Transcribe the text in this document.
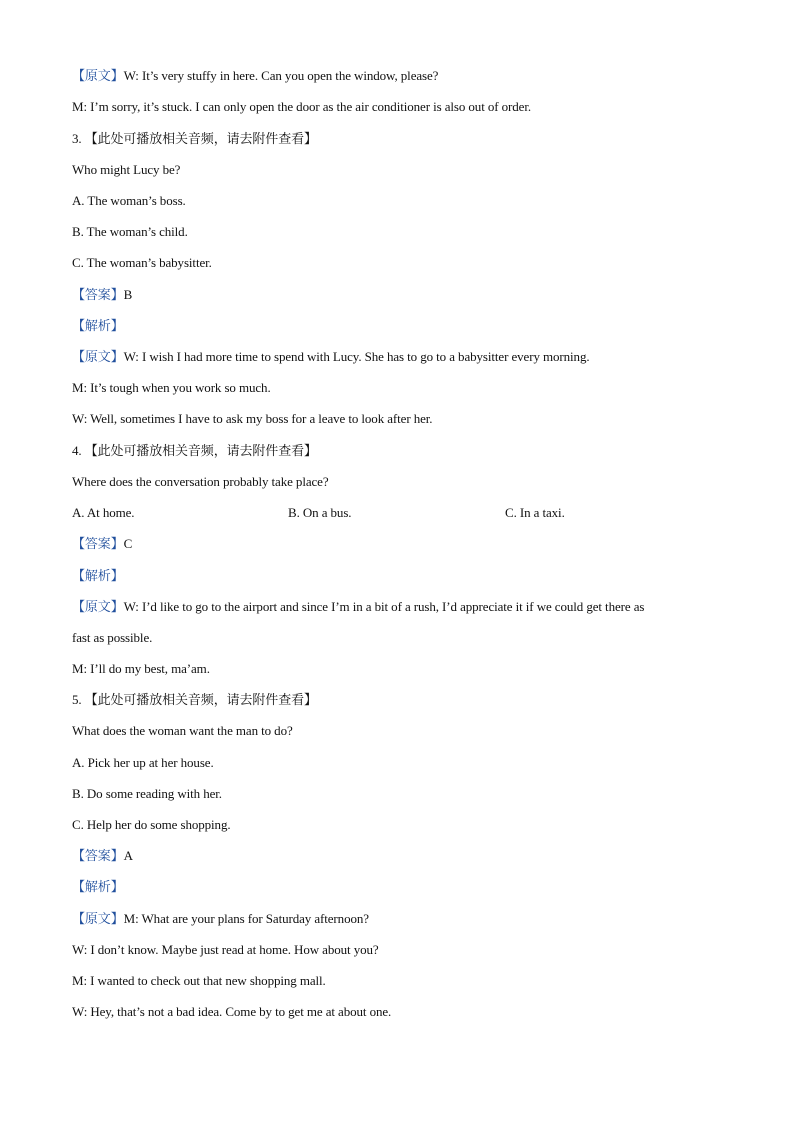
【原文】W: It’s very stuffy in here. Can you open the window, please?
M: I’m sorry, it’s stuck. I can only open the door as the air conditioner is also out of order.
3. 【此处可播放相关音频，请去附件查看】
Who might Lucy be?
A. The woman’s boss.
B. The woman’s child.
C. The woman’s babysitter.
【答案】B
【解析】
【原文】W: I wish I had more time to spend with Lucy. She has to go to a babysitter every morning.
M: It’s tough when you work so much.
W: Well, sometimes I have to ask my boss for a leave to look after her.
4. 【此处可播放相关音频，请去附件查看】
Where does the conversation probably take place?
A. At home.	B. On a bus.	C. In a taxi.
【答案】C
【解析】
【原文】W: I’d like to go to the airport and since I’m in a bit of a rush, I’d appreciate it if we could get there as
fast as possible.
M: I’ll do my best, ma’am.
5. 【此处可播放相关音频，请去附件查看】
What does the woman want the man to do?
A. Pick her up at her house.
B. Do some reading with her.
C. Help her do some shopping.
【答案】A
【解析】
【原文】M: What are your plans for Saturday afternoon?
W: I don’t know. Maybe just read at home. How about you?
M: I wanted to check out that new shopping mall.
W: Hey, that’s not a bad idea. Come by to get me at about one.
